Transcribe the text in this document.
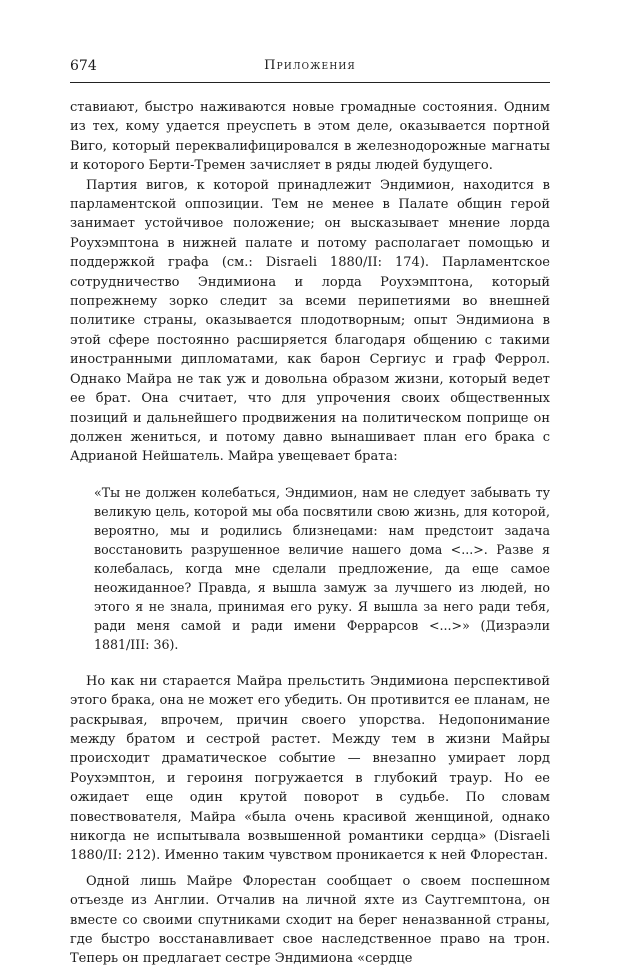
674	Приложения

ставиают, быстро наживаются новые громадные состояния. Одним из тех, кому удается преуспеть в этом деле, оказывается портной Виго, который переквалифицировался в железнодорожные магнаты и которого Берти-Тремен зачисляет в ряды людей будущего.

Партия вигов, к которой принадлежит Эндимион, находится в парламентской оппозиции. Тем не менее в Палате общин герой занимает устойчивое положение; он высказывает мнение лорда Роухэмптона в нижней палате и потому располагает помощью и поддержкой графа (см.: Disraeli 1880/II: 174). Парламентское сотрудничество Эндимиона и лорда Роухэмптона, который попрежнему зорко следит за всеми перипетиями во внешней политике страны, оказывается плодотворным; опыт Эндимиона в этой сфере постоянно расширяется благодаря общению с такими иностранными дипломатами, как барон Сергиус и граф Феррол. Однако Майра не так уж и довольна образом жизни, который ведет ее брат. Она считает, что для упрочения своих общественных позиций и дальнейшего продвижения на политическом поприще он должен жениться, и потому давно вынашивает план его брака с Адрианой Нейшатель. Майра увещевает брата:

«Ты не должен колебаться, Эндимион, нам не следует забывать ту великую цель, которой мы оба посвятили свою жизнь, для которой, вероятно, мы и родились близнецами: нам предстоит задача восстановить разрушенное величие нашего дома <...>. Разве я колебалась, когда мне сделали предложение, да еще самое неожиданное? Правда, я вышла замуж за лучшего из людей, но этого я не знала, принимая его руку. Я вышла за него ради тебя, ради меня самой и ради имени Феррарсов <...>» (Дизраэли 1881/III: 36).

Но как ни старается Майра прельстить Эндимиона перспективой этого брака, она не может его убедить. Он противится ее планам, не раскрывая, впрочем, причин своего упорства. Недопонимание между братом и сестрой растет. Между тем в жизни Майры происходит драматическое событие — внезапно умирает лорд Роухэмптон, и героиня погружается в глубокий траур. Но ее ожидает еще один крутой поворот в судьбе. По словам повествователя, Майра «была очень красивой женщиной, однако никогда не испытывала возвышенной романтики сердца» (Disraeli 1880/II: 212). Именно таким чувством проникается к ней Флорестан.

Одной лишь Майре Флорестан сообщает о своем поспешном отъезде из Англии. Отчалив на личной яхте из Саутгемптона, он вместе со своими спутниками сходит на берег неназванной страны, где быстро восстанавливает свое наследственное право на трон. Теперь он предлагает сестре Эндимиона «сердце
